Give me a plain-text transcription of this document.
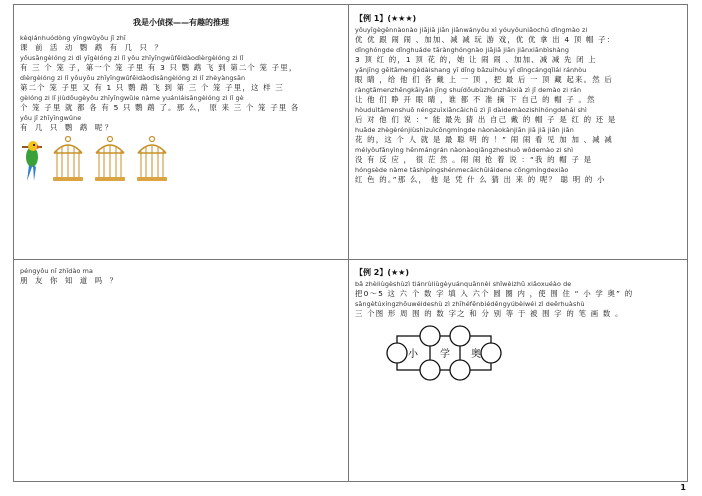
我是小侦探——有趣的推理
kèqiánhuódòng yīngwǔyǒu jǐ zhī
课 前 活 动 鹦 鹉 有 几 只 ？
yǒusāngèlóng zi dì yīgèlóng zi lǐ yǒu zhīyīngwǔfēidàodìèrgèlóng zi lǐ
有 三 个 笼 子，第一个 笼 子里 有 3 只 鹦 鹉 飞 到 第二个 笼 子里，
dìèrgèlóng zi lǐ yǒuyǒu zhīyīngwǔfēidàodìsāngèlóng zi lǐ zhèyàngsān
第二个 笼 子里 又 有 1 只 鹦 鹉 飞 到 第 三 个 笼 子里，这 样 三
gèlóng zi lǐ jiùdōugèyǒu zhīyīngwǔle nàme yuánláisāngèlóng zi lǐ gè
个 笼 子里 就 都 各 有 5 只 鹦 鹉 了。那 么， 原 来 三 个 笼 子里 各
yǒu jǐ zhīyīngwǔne
有 几 只 鹦 鹉 呢？
【例 1】(★★★)
yǒuyīgègēnnàonào jiājiā jiān jiānwányǒu xì yóuyǒuniǎochū dǐngmào zi
优 优 跟 闹 闹 、加加、减 减 玩 游 戏，优 优 拿 出 4 顶 帽 子：
dǐnghóngde dǐnghuáde tārànghóngnào jiājiā jiān jiānxiānbìshàng
3 顶 红 的，1 顶 花 的，她 让 闹 闹 、加加、减 减 先 闭 上
yǎnjīng gěitāmengèdàishang yī dǐng bǎzuìhòu yī dǐngcángqǐlái ránhòu
眼 睛 ，给 他 们 各 戴 上 一 顶 ，把 最 后 一 顶 藏 起来。然 后
ràngtāmenzhēngkāiyǎn jīng shuídōubùzhǔnzhāixià zì jǐ demào zi rán
让 他 们 睁 开 眼 睛 ，谁 都 不 准 摘 下 自己 的 帽 子 。然
hòuduìtāmenshuō néngzuìxiāncāichū zì jǐ dàidemàozishìhóngdehái shì
后 对 他 们 说 ：“ 能 最先 猜 出 自己 戴 的 帽 子 是 红 的 还 是
huāde zhègèrénjiùshìzuìcōngmíngde nàonàokànjiān jiā jiā jiǎn jiǎn
花 的，这 个 人 就 是 最 聪 明 的 ！” 闹 闹 看 见 加 加 、减 减
méiyǒufǎnyìng hěnmángrán nàonàoqiǎngzheshuō wǒdemào zi shì
没 有 反 应 ， 很 茫 然 。闹 闹 抢 着 说 ：“我 的 帽 子 是
hóngsède nàme tāshìpíngshénmecāichūláidene cōngmíngdexiǎo
红 色 的。”那 么， 他 是 凭 什 么 猜 出 来 的 呢？ 聪 明 的 小
péngyǒu nǐ zhīdào ma
朋 友 你 知 道 吗 ？
【例 2】(★★)
bǎ zhèliùgèshùzì tiánrùliùgèyuánquānnèi shǐwèizhǔ xiǎoxuéào de
把0～5 这 六 个 数 字 填 入 六个 圆 圈 内 ，使 围 住 “ 小 学 奥” 的
sāngètúxíngzhōuwéideshù zì zhīhéfēnbiéděngyúbèiwéi zì deěrhuàshù
三 个图 形 周 围 的 数 字之 和 分 别 等 于 被 围 字 的 笔 画 数 。
小 学 奥
1
